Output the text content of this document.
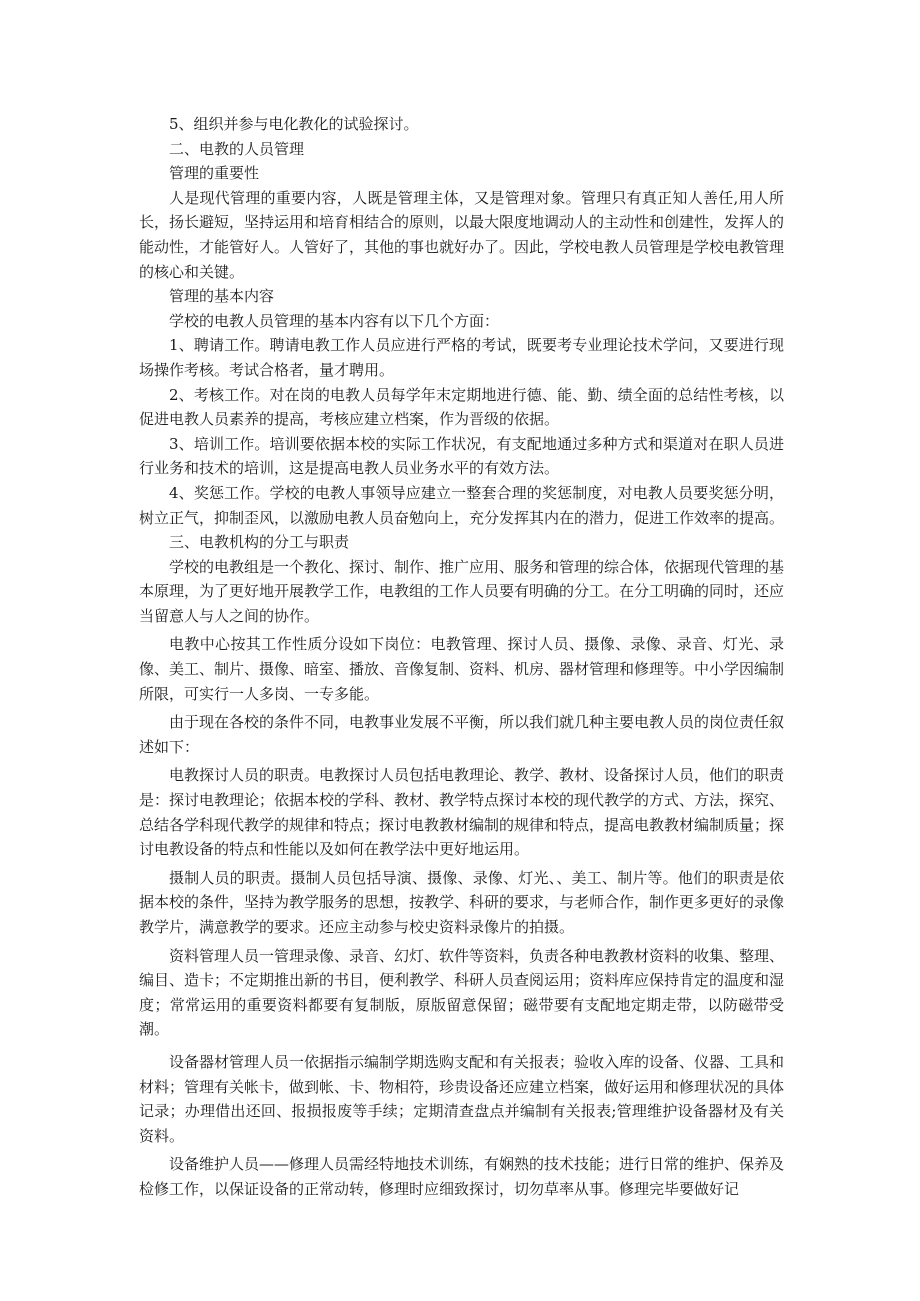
5、组织并参与电化教化的试验探讨。

二、电教的人员管理

管理的重要性

人是现代管理的重要内容，人既是管理主体，又是管理对象。管理只有真正知人善任,用人所长，扬长避短，坚持运用和培育相结合的原则，以最大限度地调动人的主动性和创建性，发挥人的能动性，才能管好人。人管好了，其他的事也就好办了。因此，学校电教人员管理是学校电教管理的核心和关键。

管理的基本内容

学校的电教人员管理的基本内容有以下几个方面：

1、聘请工作。聘请电教工作人员应进行严格的考试，既要考专业理论技术学问，又要进行现场操作考核。考试合格者，量才聘用。

2、考核工作。对在岗的电教人员每学年末定期地进行德、能、勤、绩全面的总结性考核，以促进电教人员素养的提高，考核应建立档案，作为晋级的依据。

3、培训工作。培训要依据本校的实际工作状况，有支配地通过多种方式和渠道对在职人员进行业务和技术的培训，这是提高电教人员业务水平的有效方法。

4、奖惩工作。学校的电教人事领导应建立一整套合理的奖惩制度，对电教人员要奖惩分明，树立正气，抑制歪风，以激励电教人员奋勉向上，充分发挥其内在的潜力，促进工作效率的提高。

三、电教机构的分工与职责

学校的电教组是一个教化、探讨、制作、推广应用、服务和管理的综合体，依据现代管理的基本原理，为了更好地开展教学工作，电教组的工作人员要有明确的分工。在分工明确的同时，还应当留意人与人之间的协作。

电教中心按其工作性质分设如下岗位：电教管理、探讨人员、摄像、录像、录音、灯光、录像、美工、制片、摄像、暗室、播放、音像复制、资料、机房、器材管理和修理等。中小学因编制所限，可实行一人多岗、一专多能。

由于现在各校的条件不同，电教事业发展不平衡，所以我们就几种主要电教人员的岗位责任叙述如下：

电教探讨人员的职责。电教探讨人员包括电教理论、教学、教材、设备探讨人员，他们的职责是：探讨电教理论；依据本校的学科、教材、教学特点探讨本校的现代教学的方式、方法，探究、总结各学科现代教学的规律和特点；探讨电教教材编制的规律和特点，提高电教教材编制质量；探讨电教设备的特点和性能以及如何在教学法中更好地运用。

摄制人员的职责。摄制人员包括导演、摄像、录像、灯光、、美工、制片等。他们的职责是依据本校的条件，坚持为教学服务的思想，按教学、科研的要求，与老师合作，制作更多更好的录像教学片，满意教学的要求。还应主动参与校史资料录像片的拍摄。

资料管理人员一管理录像、录音、幻灯、软件等资料，负责各种电教教材资料的收集、整理、编目、造卡；不定期推出新的书目，便利教学、科研人员查阅运用；资料库应保持肯定的温度和湿度；常常运用的重要资料都要有复制版，原版留意保留；磁带要有支配地定期走带，以防磁带受潮。

设备器材管理人员一依据指示编制学期选购支配和有关报表；验收入库的设备、仪器、工具和材料；管理有关帐卡，做到帐、卡、物相符，珍贵设备还应建立档案，做好运用和修理状况的具体记录；办理借出还回、报损报废等手续；定期清查盘点并编制有关报表;管理维护设备器材及有关资料。

设备维护人员——修理人员需经特地技术训练，有娴熟的技术技能；进行日常的维护、保养及检修工作，以保证设备的正常动转，修理时应细致探讨，切勿草率从事。修理完毕要做好记
